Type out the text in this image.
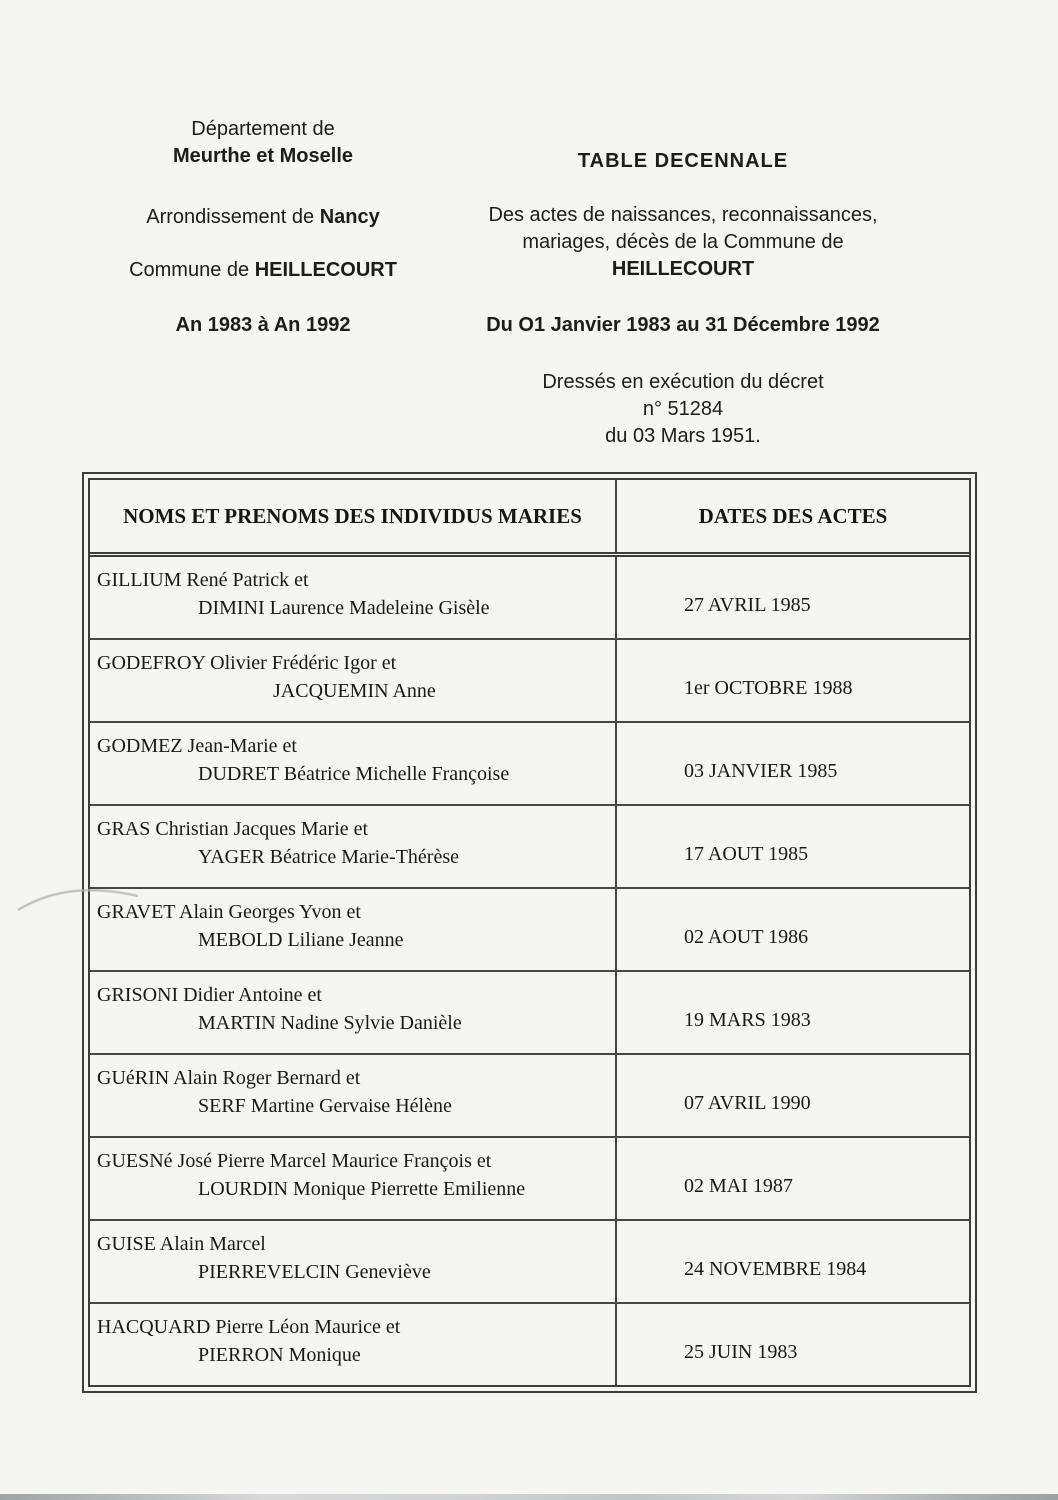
Département de
Meurthe et Moselle
Arrondissement de Nancy
Commune de HEILLECOURT
An 1983 à An 1992
TABLE DECENNALE
Des actes de naissances, reconnaissances,
mariages, décès de la Commune de
HEILLECOURT
Du O1 Janvier 1983 au 31 Décembre 1992
Dressés en exécution du décret
n° 51284
du 03 Mars 1951.
NOMS ET PRENOMS DES INDIVIDUS MARIES	DATES DES ACTES
GILLIUM René Patrick et
DIMINI Laurence Madeleine Gisèle	27 AVRIL 1985
GODEFROY Olivier Frédéric Igor et
JACQUEMIN Anne	1er OCTOBRE 1988
GODMEZ Jean-Marie et
DUDRET Béatrice Michelle Françoise	03 JANVIER 1985
GRAS Christian Jacques Marie et
YAGER Béatrice Marie-Thérèse	17 AOUT 1985
GRAVET Alain Georges Yvon et
MEBOLD Liliane Jeanne	02 AOUT 1986
GRISONI Didier Antoine et
MARTIN Nadine Sylvie Danièle	19 MARS 1983
GUéRIN Alain Roger Bernard et
SERF Martine Gervaise Hélène	07 AVRIL 1990
GUESNé José Pierre Marcel Maurice François et
LOURDIN Monique Pierrette Emilienne	02 MAI 1987
GUISE Alain Marcel
PIERREVELCIN Geneviève	24 NOVEMBRE 1984
HACQUARD Pierre Léon Maurice et
PIERRON Monique	25 JUIN 1983
